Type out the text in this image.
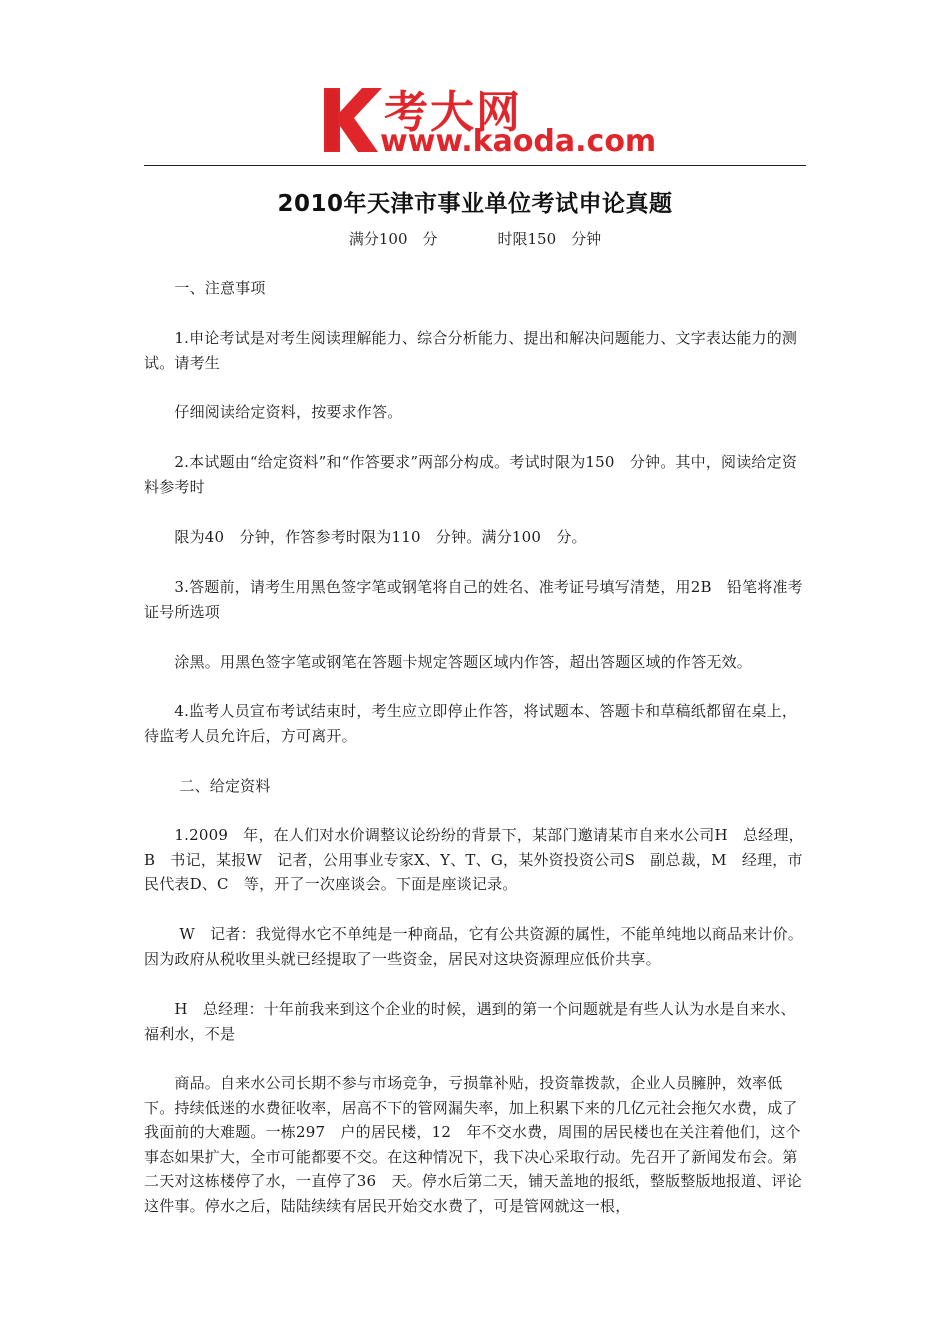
考大网
www.kaoda.com
2010年天津市事业单位考试申论真题
满分100　分　　　　时限150　分钟
　　一、注意事项
　　1.申论考试是对考生阅读理解能力、综合分析能力、提出和解决问题能力、文字表达能力的测试。请考生
　　仔细阅读给定资料，按要求作答。
　　2.本试题由“给定资料”和“作答要求”两部分构成。考试时限为150　分钟。其中，阅读给定资料参考时
　　限为40　分钟，作答参考时限为110　分钟。满分100　分。
　　3.答题前，请考生用黑色签字笔或钢笔将自己的姓名、准考证号填写清楚，用2B　铅笔将准考证号所选项
　　涂黑。用黑色签字笔或钢笔在答题卡规定答题区域内作答，超出答题区域的作答无效。
　　4.监考人员宣布考试结束时，考生应立即停止作答，将试题本、答题卡和草稿纸都留在桌上，待监考人员允许后，方可离开。
　　 二、给定资料
　　1.2009　年，在人们对水价调整议论纷纷的背景下，某部门邀请某市自来水公司H　总经理，B　书记，某报W　记者，公用事业专家X、Y、T、G，某外资投资公司S　副总裁，M　经理，市民代表D、C　等，开了一次座谈会。下面是座谈记录。
　　 W　记者：我觉得水它不单纯是一种商品，它有公共资源的属性，不能单纯地以商品来计价。因为政府从税收里头就已经提取了一些资金，居民对这块资源理应低价共享。
　　H　总经理：十年前我来到这个企业的时候，遇到的第一个问题就是有些人认为水是自来水、福利水，不是
　　商品。自来水公司长期不参与市场竞争，亏损靠补贴，投资靠拨款，企业人员臃肿，效率低下。持续低迷的水费征收率，居高不下的管网漏失率，加上积累下来的几亿元社会拖欠水费，成了我面前的大难题。一栋297　户的居民楼，12　年不交水费，周围的居民楼也在关注着他们，这个事态如果扩大，全市可能都要不交。在这种情况下，我下决心采取行动。先召开了新闻发布会。第二天对这栋楼停了水，一直停了36　天。停水后第二天，铺天盖地的报纸，整版整版地报道、评论这件事。停水之后，陆陆续续有居民开始交水费了，可是管网就这一根，
